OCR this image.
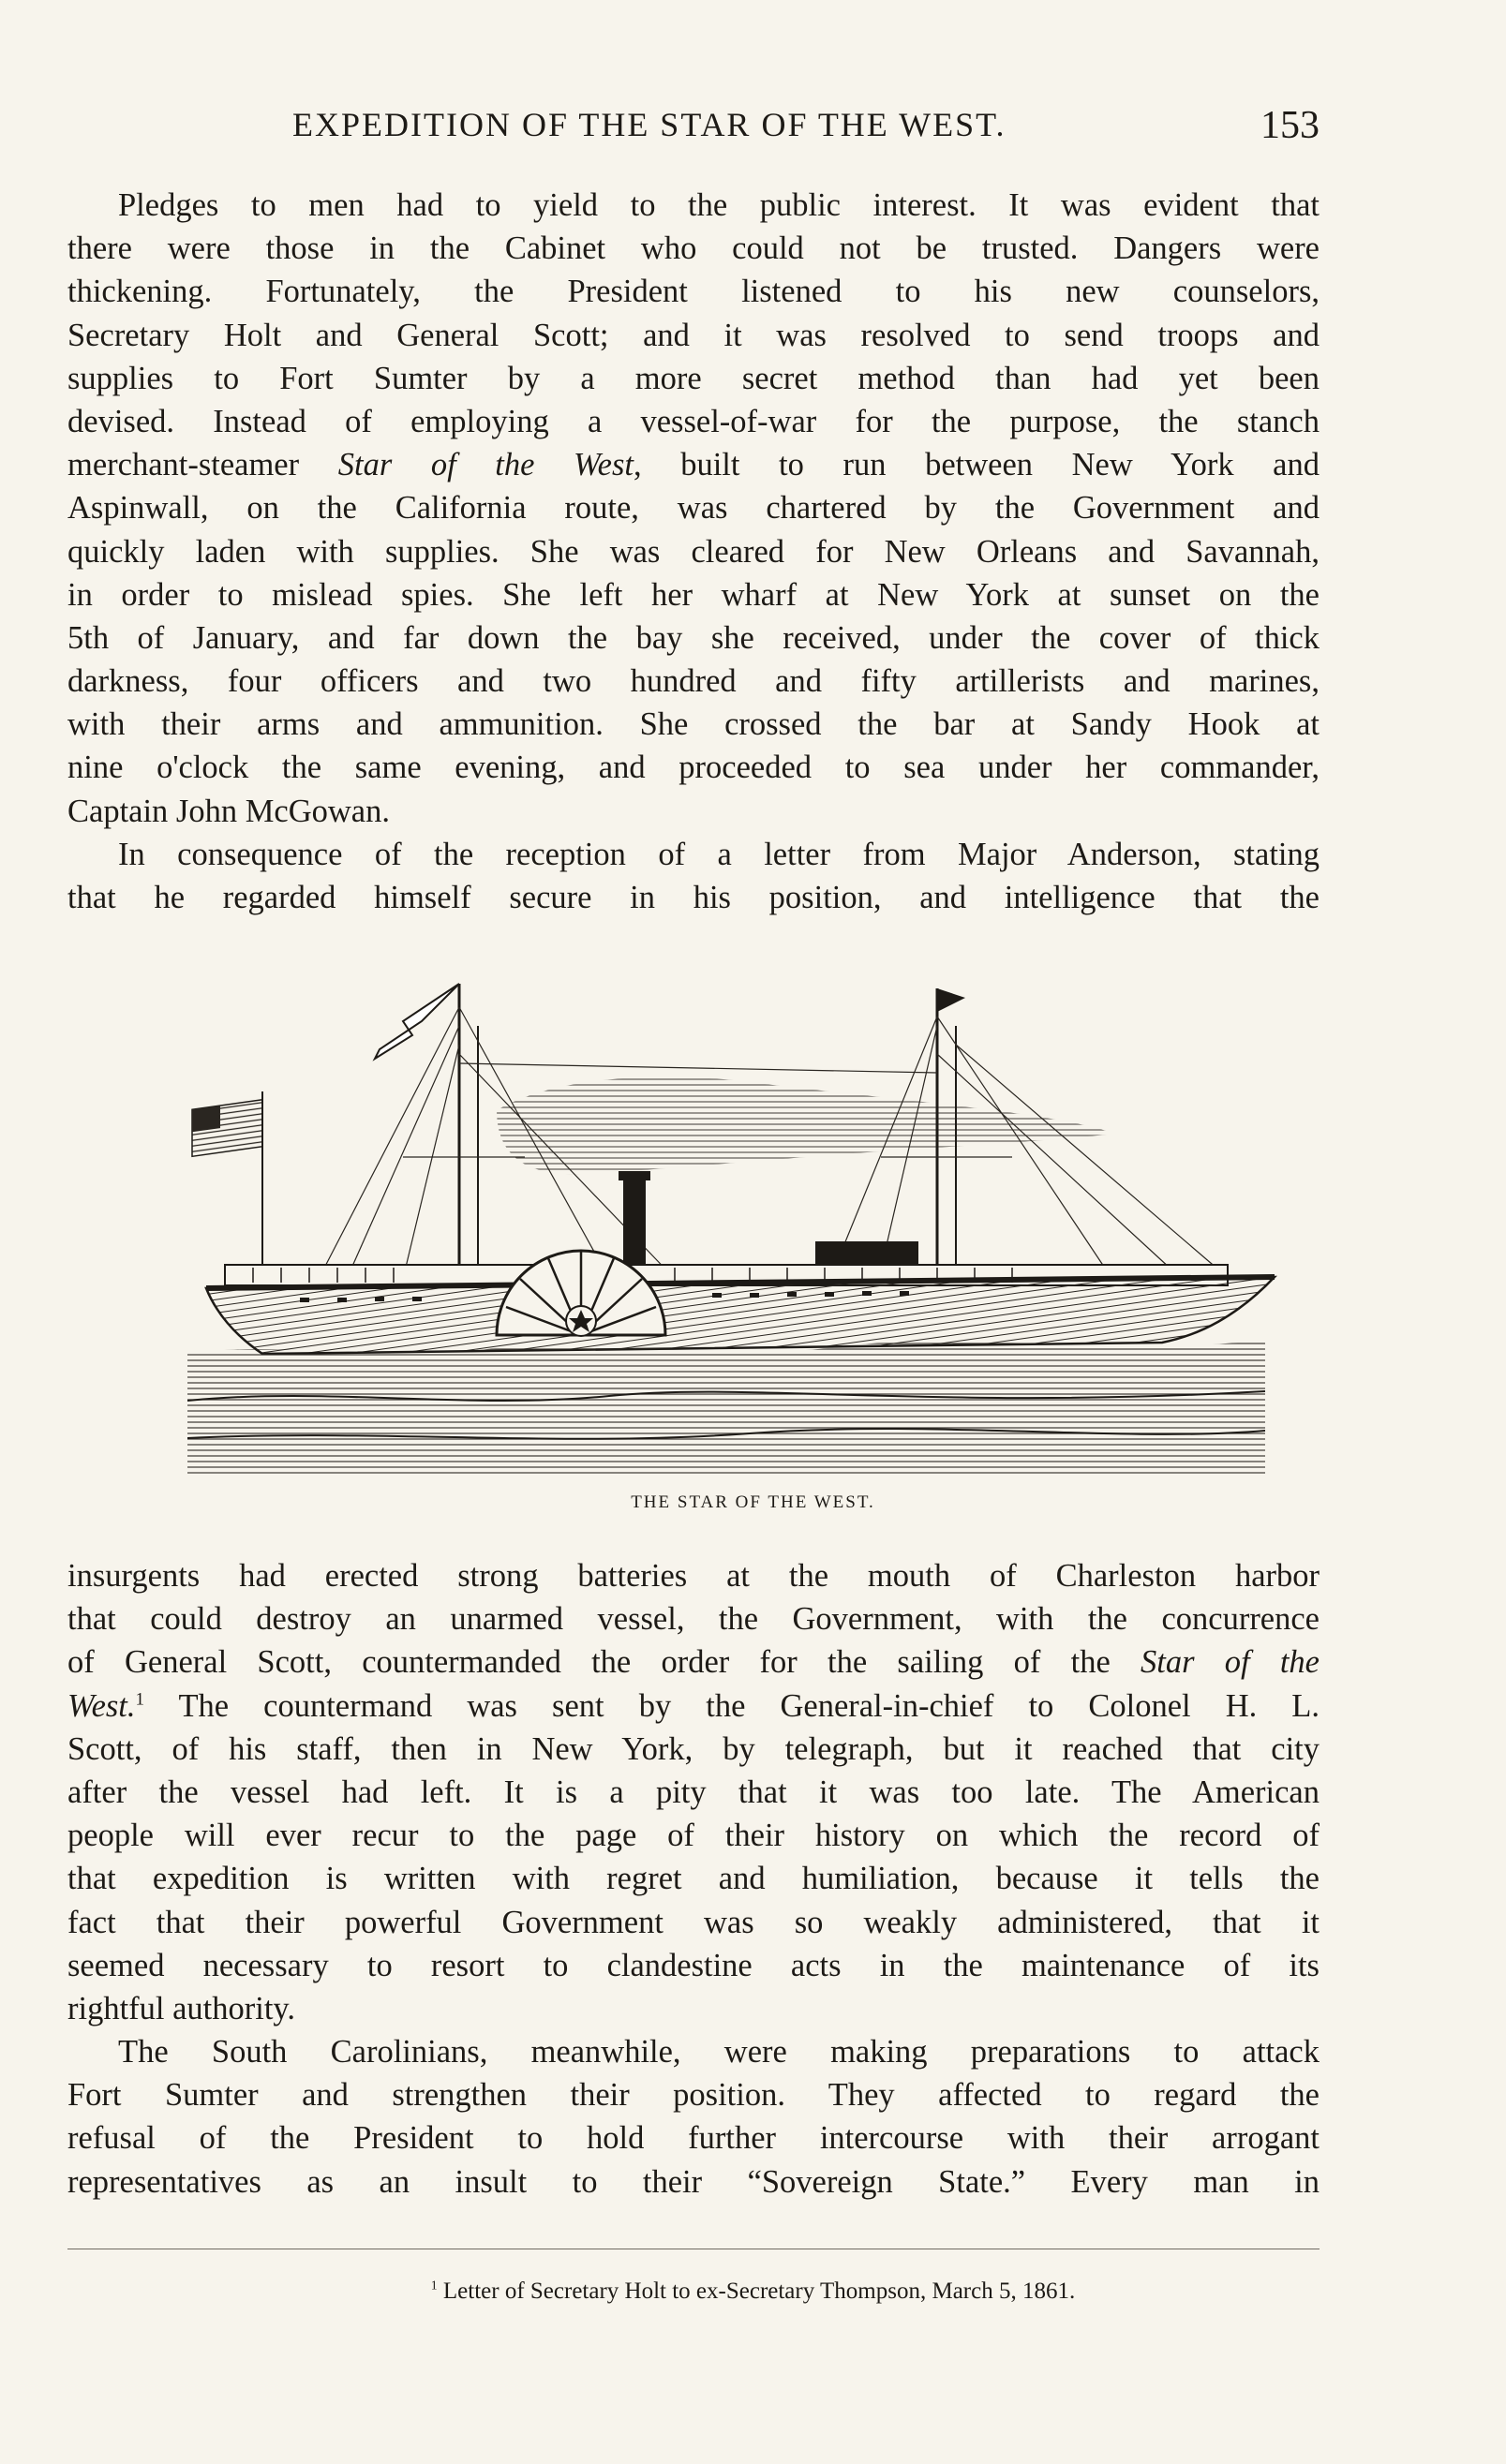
EXPEDITION OF THE STAR OF THE WEST.	153
Pledges to men had to yield to the public interest. It was evident that
there were those in the Cabinet who could not be trusted. Dangers were
thickening. Fortunately, the President listened to his new counselors,
Secretary Holt and General Scott; and it was resolved to send troops and
supplies to Fort Sumter by a more secret method than had yet been
devised. Instead of employing a vessel-of-war for the purpose, the stanch
merchant-steamer Star of the West, built to run between New York and
Aspinwall, on the California route, was chartered by the Government and
quickly laden with supplies. She was cleared for New Orleans and Savannah,
in order to mislead spies. She left her wharf at New York at sunset on the
5th of January, and far down the bay she received, under the cover of thick
darkness, four officers and two hundred and fifty artillerists and marines,
with their arms and ammunition. She crossed the bar at Sandy Hook at
nine o'clock the same evening, and proceeded to sea under her commander,
Captain John McGowan.
In consequence of the reception of a letter from Major Anderson, stating
that he regarded himself secure in his position, and intelligence that the
THE STAR OF THE WEST.
insurgents had erected strong batteries at the mouth of Charleston harbor
that could destroy an unarmed vessel, the Government, with the concurrence
of General Scott, countermanded the order for the sailing of the Star of the
West.$^1$ The countermand was sent by the General-in-chief to Colonel H. L.
Scott, of his staff, then in New York, by telegraph, but it reached that city
after the vessel had left. It is a pity that it was too late. The American
people will ever recur to the page of their history on which the record of
that expedition is written with regret and humiliation, because it tells the
fact that their powerful Government was so weakly administered, that it
seemed necessary to resort to clandestine acts in the maintenance of its
rightful authority.
The South Carolinians, meanwhile, were making preparations to attack
Fort Sumter and strengthen their position. They affected to regard the
refusal of the President to hold further intercourse with their arrogant
representatives as an insult to their “Sovereign State.” Every man in
$^1$ Letter of Secretary Holt to ex-Secretary Thompson, March 5, 1861.
